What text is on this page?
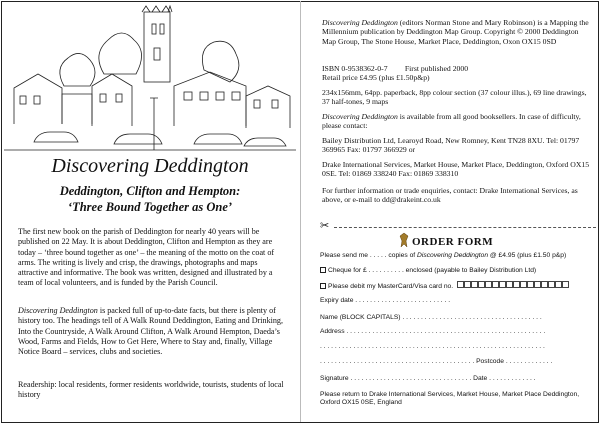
Discovering Deddington
Deddington, Clifton and Hempton:
‘Three Bound Together as One’

The first new book on the parish of Deddington for nearly 40 years will be published on 22 May. It is about Deddington, Clifton and Hempton as they are today – ‘three bound together as one’ – the meaning of the motto on the coat of arms. The writing is lively and crisp, the drawings, photographs and maps attractive and informative. The book was written, designed and illustrated by a team of local volunteers, and is funded by the Parish Council.

Discovering Deddington is packed full of up-to-date facts, but there is plenty of history too. The headings tell of A Walk Round Deddington, Eating and Drinking, Into the Countryside, A Walk Around Clifton, A Walk Around Hempton, Daeda’s Wood, Farms and Fields, How to Get Here, Where to Stay and, finally, Village Notice Board – services, clubs and societies.

Readership: local residents, former residents worldwide, tourists, students of local history

Discovering Deddington (editors Norman Stone and Mary Robinson) is a Mapping the Millennium publication by Deddington Map Group. Copyright © 2000 Deddington Map Group, The Stone House, Market Place, Deddington, Oxon OX15 0SD

ISBN 0-9538362-0-7 First published 2000

Retail price £4.95 (plus £1.50p&p)

234x156mm, 64pp. paperback, 8pp colour section (37 colour illus.), 69 line drawings, 37 half-tones, 9 maps

Discovering Deddington is available from all good booksellers. In case of difficulty, please contact:

Bailey Distribution Ltd, Learoyd Road, New Romney, Kent TN28 8XU. Tel: 01797 369965 Fax: 01797 366929 or

Drake International Services, Market House, Market Place, Deddington, Oxford OX15 0SE. Tel: 01869 338240 Fax: 01869 338310

For further information or trade enquiries, contact: Drake International Services, as above, or e-mail to dd@drakeint.co.uk

✂
ORDER FORM

Please send me . . . . . copies of Discovering Deddington @ £4.95 (plus £1.50 p&p)

Cheque for £ . . . . . . . . . . enclosed (payable to Bailey Distribution Ltd)

Please debit my MasterCard/Visa card no.

Expiry date . . . . . . . . . . . . . . . . . . . . . . . . . .

Name (BLOCK CAPITALS) . . . . . . . . . . . . . . . . . . . . . . . . . . . . . . . . . . . . . .

Address . . . . . . . . . . . . . . . . . . . . . . . . . . . . . . . . . . . . . . . . . . . . . . . . . . . . . .

. . . . . . . . . . . . . . . . . . . . . . . . . . . . . . . . . . . . . . . . . . . . . . . . . . . . . . . . . . . . .

. . . . . . . . . . . . . . . . . . . . . . . . . . . . . . . . . . . . . . . . . . Postcode . . . . . . . . . . . . .

Signature . . . . . . . . . . . . . . . . . . . . . . . . . . . . . . . . . Date . . . . . . . . . . . . .

Please return to Drake International Services, Market House, Market Place Deddington, Oxford OX15 0SE, England
